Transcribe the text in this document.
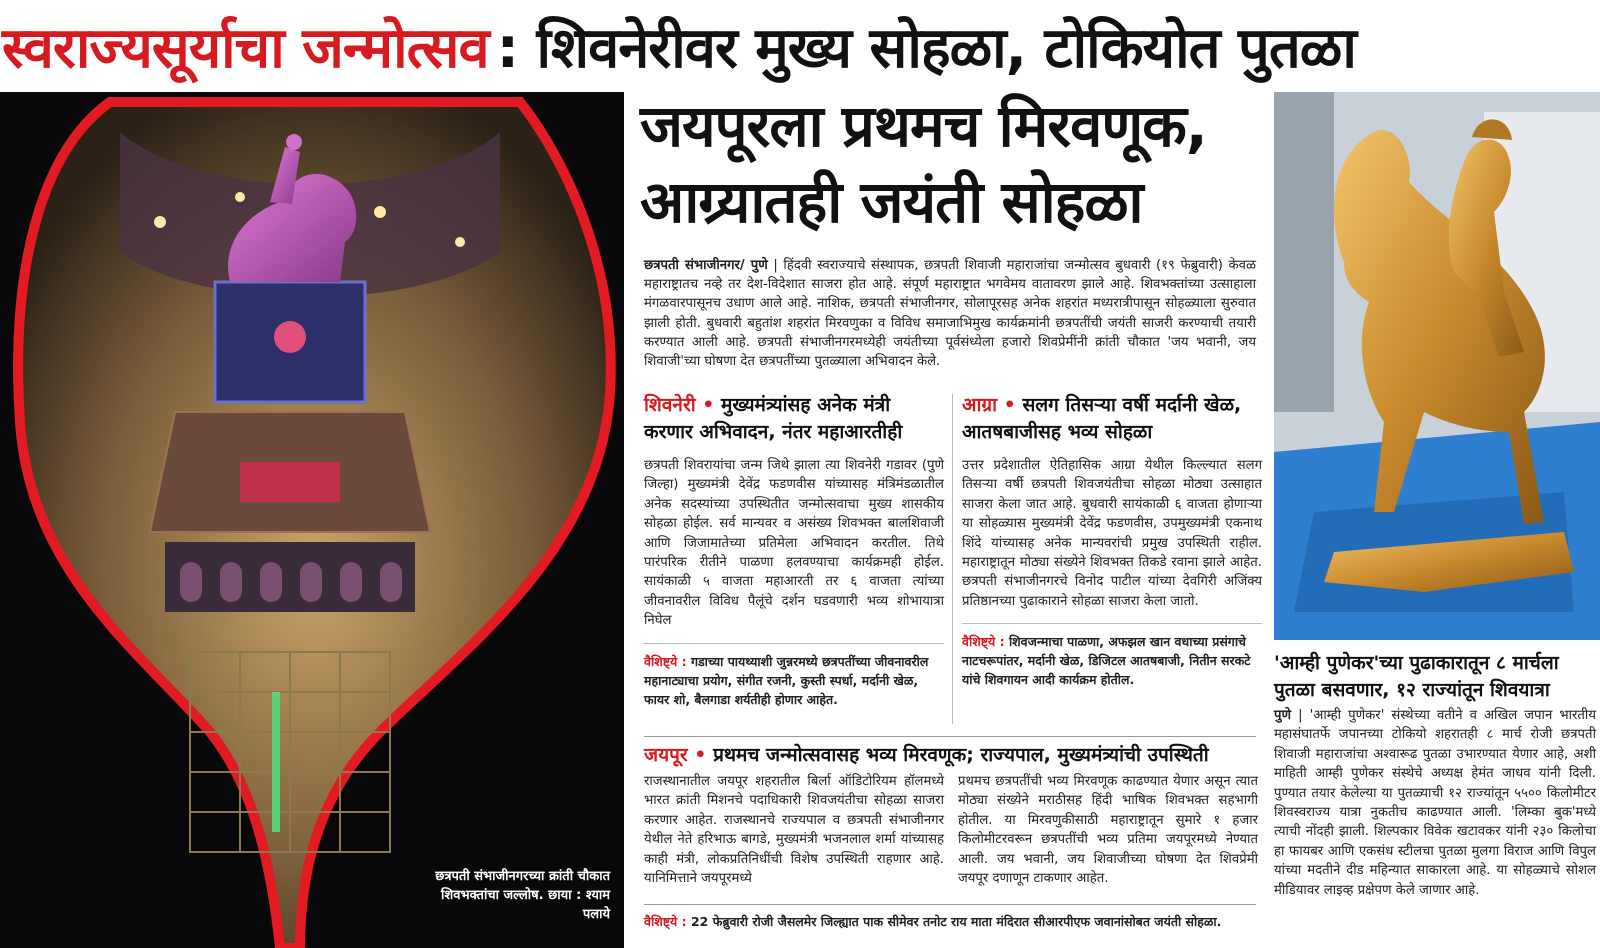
स्वराज्यसूर्याचा जन्मोत्सव : शिवनेरीवर मुख्य सोहळा, टोकियोत पुतळा
छत्रपती संभाजीनगरच्या क्रांती चौकात शिवभक्तांचा जल्लोष. छाया : श्याम पलाये
जयपूरला प्रथमच मिरवणूक,
आग्र्यातही जयंती सोहळा
छत्रपती संभाजीनगर/ पुणे | हिंदवी स्वराज्याचे संस्थापक, छत्रपती शिवाजी महाराजांचा जन्मोत्सव बुधवारी (१९ फेब्रुवारी) केवळ महाराष्ट्रातच नव्हे तर देश-विदेशात साजरा होत आहे. संपूर्ण महाराष्ट्रात भगवेमय वातावरण झाले आहे. शिवभक्तांच्या उत्साहाला मंगळवारपासूनच उधाण आले आहे. नाशिक, छत्रपती संभाजीनगर, सोलापूरसह अनेक शहरांत मध्यरात्रीपासून सोहळ्याला सुरुवात झाली होती. बुधवारी बहुतांश शहरांत मिरवणुका व विविध समाजाभिमुख कार्यक्रमांनी छत्रपतींची जयंती साजरी करण्याची तयारी करण्यात आली आहे. छत्रपती संभाजीनगरमध्येही जयंतीच्या पूर्वसंध्येला हजारो शिवप्रेमींनी क्रांती चौकात 'जय भवानी, जय शिवाजी'च्या घोषणा देत छत्रपतींच्या पुतळ्याला अभिवादन केले.
शिवनेरी • मुख्यमंत्र्यांसह अनेक मंत्री करणार अभिवादन, नंतर महाआरतीही
छत्रपती शिवरायांचा जन्म जिथे झाला त्या शिवनेरी गडावर (पुणे जिल्हा) मुख्यमंत्री देवेंद्र फडणवीस यांच्यासह मंत्रिमंडळातील अनेक सदस्यांच्या उपस्थितीत जन्मोत्सवाचा मुख्य शासकीय सोहळा होईल. सर्व मान्यवर व असंख्य शिवभक्त बालशिवाजी आणि जिजामातेच्या प्रतिमेला अभिवादन करतील. तिथे पारंपरिक रीतीने पाळणा हलवण्याचा कार्यक्रमही होईल. सायंकाळी ५ वाजता महाआरती तर ६ वाजता त्यांच्या जीवनावरील विविध पैलूंचे दर्शन घडवणारी भव्य शोभायात्रा निघेल
वैशिष्ट्ये : गडाच्या पायथ्याशी जुन्नरमध्ये छत्रपतींच्या जीवनावरील महानाट्याचा प्रयोग, संगीत रजनी, कुस्ती स्पर्धा, मर्दानी खेळ, फायर शो, बैलगाडा शर्यतीही होणार आहेत.
आग्रा • सलग तिसऱ्या वर्षी मर्दानी खेळ, आतषबाजीसह भव्य सोहळा
उत्तर प्रदेशातील ऐतिहासिक आग्रा येथील किल्ल्यात सलग तिसऱ्या वर्षी छत्रपती शिवजयंतीचा सोहळा मोठ्या उत्साहात साजरा केला जात आहे. बुधवारी सायंकाळी ६ वाजता होणाऱ्या या सोहळ्यास मुख्यमंत्री देवेंद्र फडणवीस, उपमुख्यमंत्री एकनाथ शिंदे यांच्यासह अनेक मान्यवरांची प्रमुख उपस्थिती राहील. महाराष्ट्रातून मोठ्या संख्येने शिवभक्त तिकडे रवाना झाले आहेत. छत्रपती संभाजीनगरचे विनोद पाटील यांच्या देवगिरी अजिंक्य प्रतिष्ठानच्या पुढाकाराने सोहळा साजरा केला जातो.
वैशिष्ट्ये : शिवजन्माचा पाळणा, अफझल खान वधाच्या प्रसंगाचे नाटचरूपांतर, मर्दानी खेळ, डिजिटल आतषबाजी, नितीन सरकटे यांचे शिवगायन आदी कार्यक्रम होतील.
जयपूर • प्रथमच जन्मोत्सवासह भव्य मिरवणूक; राज्यपाल, मुख्यमंत्र्यांची उपस्थिती
राजस्थानातील जयपूर शहरातील बिर्ला ऑडिटोरियम हॉलमध्ये भारत क्रांती मिशनचे पदाधिकारी शिवजयंतीचा सोहळा साजरा करणार आहेत. राजस्थानचे राज्यपाल व छत्रपती संभाजीनगर येथील नेते हरिभाऊ बागडे, मुख्यमंत्री भजनलाल शर्मा यांच्यासह काही मंत्री, लोकप्रतिनिधींची विशेष उपस्थिती राहणार आहे. यानिमित्ताने जयपूरमध्ये
प्रथमच छत्रपतींची भव्य मिरवणूक काढण्यात येणार असून त्यात मोठ्या संख्येने मराठीसह हिंदी भाषिक शिवभक्त सहभागी होतील. या मिरवणुकीसाठी महाराष्ट्रातून सुमारे १ हजार किलोमीटरवरून छत्रपतींची भव्य प्रतिमा जयपूरमध्ये नेण्यात आली. जय भवानी, जय शिवाजीच्या घोषणा देत शिवप्रेमी जयपूर दणाणून टाकणार आहेत.
वैशिष्ट्ये : 22 फेब्रुवारी रोजी जैसलमेर जिल्ह्यात पाक सीमेवर तनोट राय माता मंदिरात सीआरपीएफ जवानांसोबत जयंती सोहळा.
'आम्ही पुणेकर'च्या पुढाकारातून ८ मार्चला पुतळा बसवणार, १२ राज्यांतून शिवयात्रा
पुणे | 'आम्ही पुणेकर' संस्थेच्या वतीने व अखिल जपान भारतीय महासंघातर्फे जपानच्या टोकियो शहरातही ८ मार्च रोजी छत्रपती शिवाजी महाराजांचा अश्वारूढ पुतळा उभारण्यात येणार आहे, अशी माहिती आम्ही पुणेकर संस्थेचे अध्यक्ष हेमंत जाधव यांनी दिली. पुण्यात तयार केलेल्या या पुतळ्याची १२ राज्यांतून ५५०० किलोमीटर शिवस्वराज्य यात्रा नुकतीच काढण्यात आली. 'लिम्का बुक'मध्ये त्याची नोंदही झाली. शिल्पकार विवेक खटावकर यांनी २३० किलोचा हा फायबर आणि एकसंध स्टीलचा पुतळा मुलगा विराज आणि विपुल यांच्या मदतीने दीड महिन्यात साकारला आहे. या सोहळ्याचे सोशल मीडियावर लाइव्ह प्रक्षेपण केले जाणार आहे.
